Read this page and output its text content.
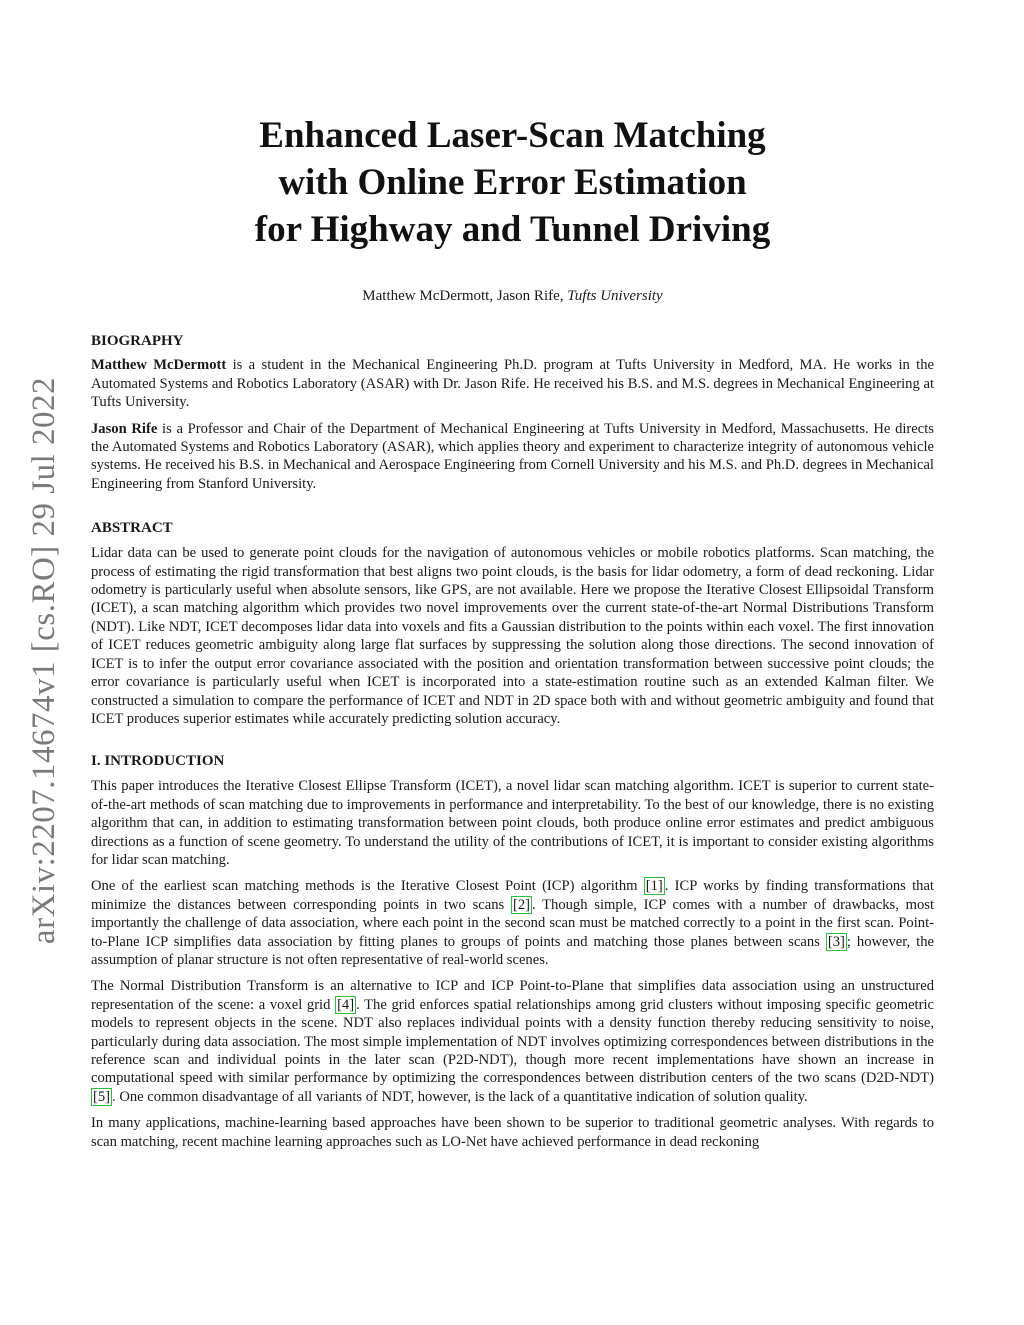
arXiv:2207.14674v1 [cs.RO] 29 Jul 2022
Enhanced Laser-Scan Matching
with Online Error Estimation
for Highway and Tunnel Driving

Matthew McDermott, Jason Rife, Tufts University

BIOGRAPHY

Matthew McDermott is a student in the Mechanical Engineering Ph.D. program at Tufts University in Medford, MA. He works in the Automated Systems and Robotics Laboratory (ASAR) with Dr. Jason Rife. He received his B.S. and M.S. degrees in Mechanical Engineering at Tufts University.

Jason Rife is a Professor and Chair of the Department of Mechanical Engineering at Tufts University in Medford, Massachusetts. He directs the Automated Systems and Robotics Laboratory (ASAR), which applies theory and experiment to characterize integrity of autonomous vehicle systems. He received his B.S. in Mechanical and Aerospace Engineering from Cornell University and his M.S. and Ph.D. degrees in Mechanical Engineering from Stanford University.

ABSTRACT

Lidar data can be used to generate point clouds for the navigation of autonomous vehicles or mobile robotics platforms. Scan matching, the process of estimating the rigid transformation that best aligns two point clouds, is the basis for lidar odometry, a form of dead reckoning. Lidar odometry is particularly useful when absolute sensors, like GPS, are not available. Here we propose the Iterative Closest Ellipsoidal Transform (ICET), a scan matching algorithm which provides two novel improvements over the current state-of-the-art Normal Distributions Transform (NDT). Like NDT, ICET decomposes lidar data into voxels and fits a Gaussian distribution to the points within each voxel. The first innovation of ICET reduces geometric ambiguity along large flat surfaces by suppressing the solution along those directions. The second innovation of ICET is to infer the output error covariance associated with the position and orientation transformation between successive point clouds; the error covariance is particularly useful when ICET is incorporated into a state-estimation routine such as an extended Kalman filter. We constructed a simulation to compare the performance of ICET and NDT in 2D space both with and without geometric ambiguity and found that ICET produces superior estimates while accurately predicting solution accuracy.

I. INTRODUCTION

This paper introduces the Iterative Closest Ellipse Transform (ICET), a novel lidar scan matching algorithm. ICET is superior to current state-of-the-art methods of scan matching due to improvements in performance and interpretability. To the best of our knowledge, there is no existing algorithm that can, in addition to estimating transformation between point clouds, both produce online error estimates and predict ambiguous directions as a function of scene geometry. To understand the utility of the contributions of ICET, it is important to consider existing algorithms for lidar scan matching.

One of the earliest scan matching methods is the Iterative Closest Point (ICP) algorithm [1] . ICP works by finding transformations that minimize the distances between corresponding points in two scans [2] . Though simple, ICP comes with a number of drawbacks, most importantly the challenge of data association, where each point in the second scan must be matched correctly to a point in the first scan. Point-to-Plane ICP simplifies data association by fitting planes to groups of points and matching those planes between scans [3] ; however, the assumption of planar structure is not often representative of real-world scenes.

The Normal Distribution Transform is an alternative to ICP and ICP Point-to-Plane that simplifies data association using an unstructured representation of the scene: a voxel grid [4] . The grid enforces spatial relationships among grid clusters without imposing specific geometric models to represent objects in the scene. NDT also replaces individual points with a density function thereby reducing sensitivity to noise, particularly during data association. The most simple implementation of NDT involves optimizing correspondences between distributions in the reference scan and individual points in the later scan (P2D-NDT), though more recent implementations have shown an increase in computational speed with similar performance by optimizing the correspondences between distribution centers of the two scans (D2D-NDT) [5] . One common disadvantage of all variants of NDT, however, is the lack of a quantitative indication of solution quality.

In many applications, machine-learning based approaches have been shown to be superior to traditional geometric analyses. With regards to scan matching, recent machine learning approaches such as LO-Net have achieved performance in dead reckoning
